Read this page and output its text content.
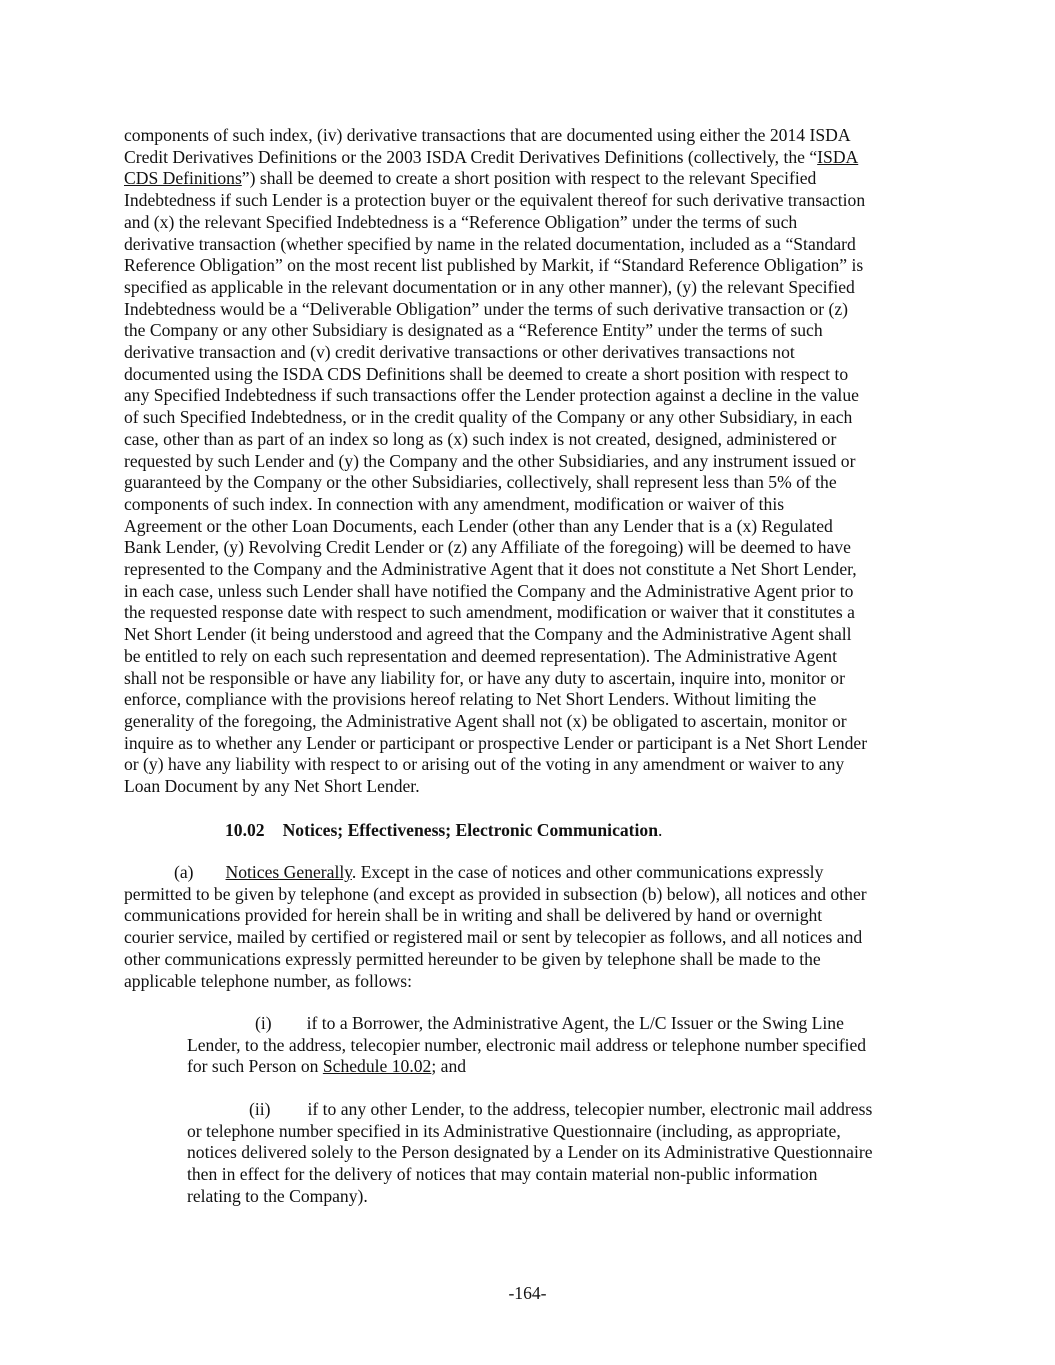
components of such index, (iv) derivative transactions that are documented using either the 2014 ISDA
Credit Derivatives Definitions or the 2003 ISDA Credit Derivatives Definitions (collectively, the “ISDA
CDS Definitions”) shall be deemed to create a short position with respect to the relevant Specified
Indebtedness if such Lender is a protection buyer or the equivalent thereof for such derivative transaction
and (x) the relevant Specified Indebtedness is a “Reference Obligation” under the terms of such
derivative transaction (whether specified by name in the related documentation, included as a “Standard
Reference Obligation” on the most recent list published by Markit, if “Standard Reference Obligation” is
specified as applicable in the relevant documentation or in any other manner), (y) the relevant Specified
Indebtedness would be a “Deliverable Obligation” under the terms of such derivative transaction or (z)
the Company or any other Subsidiary is designated as a “Reference Entity” under the terms of such
derivative transaction and (v) credit derivative transactions or other derivatives transactions not
documented using the ISDA CDS Definitions shall be deemed to create a short position with respect to
any Specified Indebtedness if such transactions offer the Lender protection against a decline in the value
of such Specified Indebtedness, or in the credit quality of the Company or any other Subsidiary, in each
case, other than as part of an index so long as (x) such index is not created, designed, administered or
requested by such Lender and (y) the Company and the other Subsidiaries, and any instrument issued or
guaranteed by the Company or the other Subsidiaries, collectively, shall represent less than 5% of the
components of such index. In connection with any amendment, modification or waiver of this
Agreement or the other Loan Documents, each Lender (other than any Lender that is a (x) Regulated
Bank Lender, (y) Revolving Credit Lender or (z) any Affiliate of the foregoing) will be deemed to have
represented to the Company and the Administrative Agent that it does not constitute a Net Short Lender,
in each case, unless such Lender shall have notified the Company and the Administrative Agent prior to
the requested response date with respect to such amendment, modification or waiver that it constitutes a
Net Short Lender (it being understood and agreed that the Company and the Administrative Agent shall
be entitled to rely on each such representation and deemed representation). The Administrative Agent
shall not be responsible or have any liability for, or have any duty to ascertain, inquire into, monitor or
enforce, compliance with the provisions hereof relating to Net Short Lenders. Without limiting the
generality of the foregoing, the Administrative Agent shall not (x) be obligated to ascertain, monitor or
inquire as to whether any Lender or participant or prospective Lender or participant is a Net Short Lender
or (y) have any liability with respect to or arising out of the voting in any amendment or waiver to any
Loan Document by any Net Short Lender.

10.02 Notices; Effectiveness; Electronic Communication.

(a) Notices Generally. Except in the case of notices and other communications expressly
permitted to be given by telephone (and except as provided in subsection (b) below), all notices and other
communications provided for herein shall be in writing and shall be delivered by hand or overnight
courier service, mailed by certified or registered mail or sent by telecopier as follows, and all notices and
other communications expressly permitted hereunder to be given by telephone shall be made to the
applicable telephone number, as follows:

(i) if to a Borrower, the Administrative Agent, the L/C Issuer or the Swing Line
Lender, to the address, telecopier number, electronic mail address or telephone number specified
for such Person on Schedule 10.02; and

(ii) if to any other Lender, to the address, telecopier number, electronic mail address
or telephone number specified in its Administrative Questionnaire (including, as appropriate,
notices delivered solely to the Person designated by a Lender on its Administrative Questionnaire
then in effect for the delivery of notices that may contain material non-public information
relating to the Company).

-164-
